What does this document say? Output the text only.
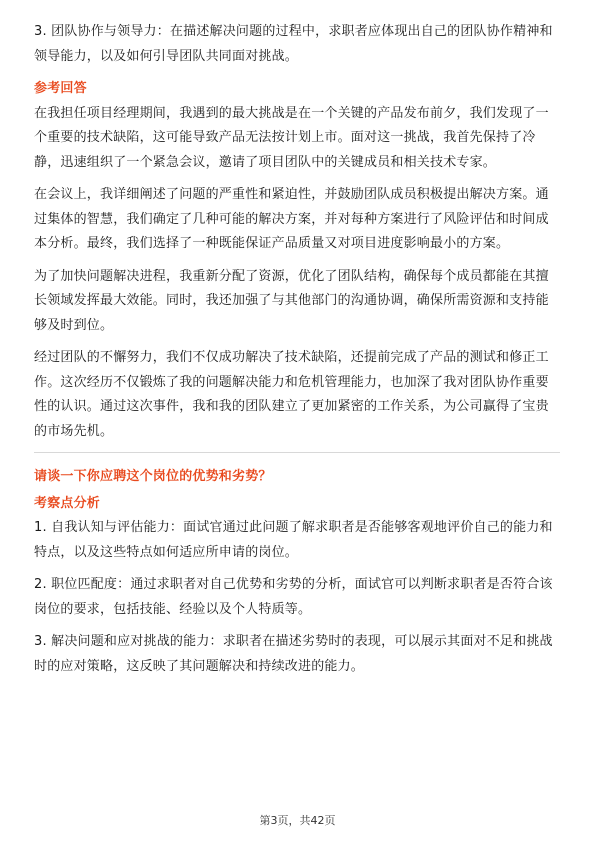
3. 团队协作与领导力：在描述解决问题的过程中，求职者应体现出自己的团队协作精神和领导能力，以及如何引导团队共同面对挑战。

参考回答

在我担任项目经理期间，我遇到的最大挑战是在一个关键的产品发布前夕，我们发现了一个重要的技术缺陷，这可能导致产品无法按计划上市。面对这一挑战，我首先保持了冷静，迅速组织了一个紧急会议，邀请了项目团队中的关键成员和相关技术专家。

在会议上，我详细阐述了问题的严重性和紧迫性，并鼓励团队成员积极提出解决方案。通过集体的智慧，我们确定了几种可能的解决方案，并对每种方案进行了风险评估和时间成本分析。最终，我们选择了一种既能保证产品质量又对项目进度影响最小的方案。

为了加快问题解决进程，我重新分配了资源，优化了团队结构，确保每个成员都能在其擅长领域发挥最大效能。同时，我还加强了与其他部门的沟通协调，确保所需资源和支持能够及时到位。

经过团队的不懈努力，我们不仅成功解决了技术缺陷，还提前完成了产品的测试和修正工作。这次经历不仅锻炼了我的问题解决能力和危机管理能力，也加深了我对团队协作重要性的认识。通过这次事件，我和我的团队建立了更加紧密的工作关系，为公司赢得了宝贵的市场先机。

请谈一下你应聘这个岗位的优势和劣势？

考察点分析

1. 自我认知与评估能力：面试官通过此问题了解求职者是否能够客观地评价自己的能力和特点，以及这些特点如何适应所申请的岗位。

2. 职位匹配度：通过求职者对自己优势和劣势的分析，面试官可以判断求职者是否符合该岗位的要求，包括技能、经验以及个人特质等。

3. 解决问题和应对挑战的能力：求职者在描述劣势时的表现，可以展示其面对不足和挑战时的应对策略，这反映了其问题解决和持续改进的能力。

第3页，共42页
